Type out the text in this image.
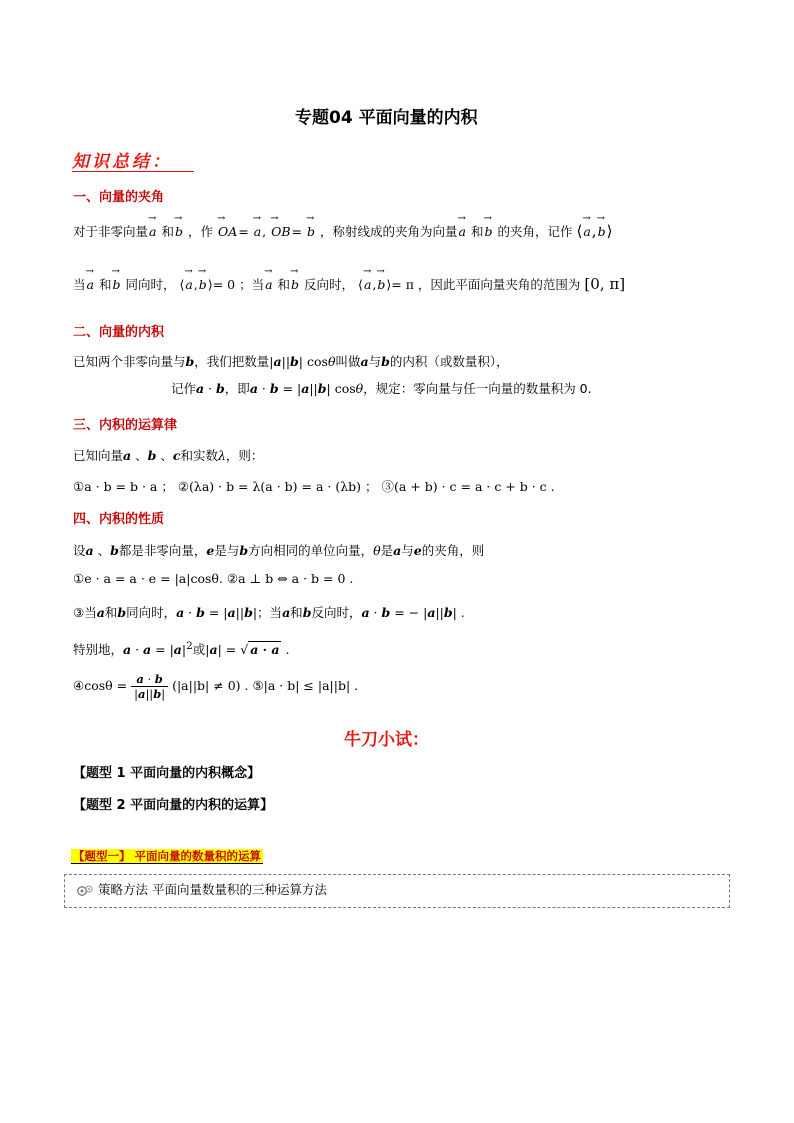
专题04 平面向量的内积
知识总结：
一、向量的夹角
对于非零向量→ a 和→ b ，作 → OA= → a, → OB= → b ，称射线成的夹角为向量→ a 和→ b 的夹角，记作 ⟨→ a,→ b⟩
当→ a 和→ b 同向时， ⟨→ a,→ b⟩= 0 ；当→ a 和→ b 反向时， ⟨→ a,→ b⟩= π ，因此平面向量夹角的范围为 [0, π]
二、向量的内积
已知两个非零向量与b，我们把数量|a||b| cosθ叫做a与b的内积（或数量积），
记作a · b，即a · b = |a||b| cosθ，规定：零向量与任一向量的数量积为 0.
三、内积的运算律
已知向量a 、b 、c和实数λ，则：
①a · b = b · a ； ②(λa) · b = λ(a · b) = a · (λb) ； ③(a + b) · c = a · c + b · c .
四、内积的性质
设a 、b都是非零向量，e是与b方向相同的单位向量，θ是a与e的夹角，则
①e · a = a · e = |a|cosθ. ②a ⊥ b ⇔ a · b = 0 .
③当a和b同向时，a · b = |a||b|；当a和b反向时，a · b = − |a||b| .
特别地，$a \cdot a = |a|^2$或|a| = √ a · a .
④cosθ = $\frac{a \cdot b}{|a||b|} (|a||b| \ne 0)$ . ⑤|a · b| ≤ |a||b| .
牛刀小试：
【题型 1 平面向量的内积概念】
【题型 2 平面向量的内积的运算】
【题型一】 平面向量的数量积的运算
策略方法 平面向量数量积的三种运算方法
